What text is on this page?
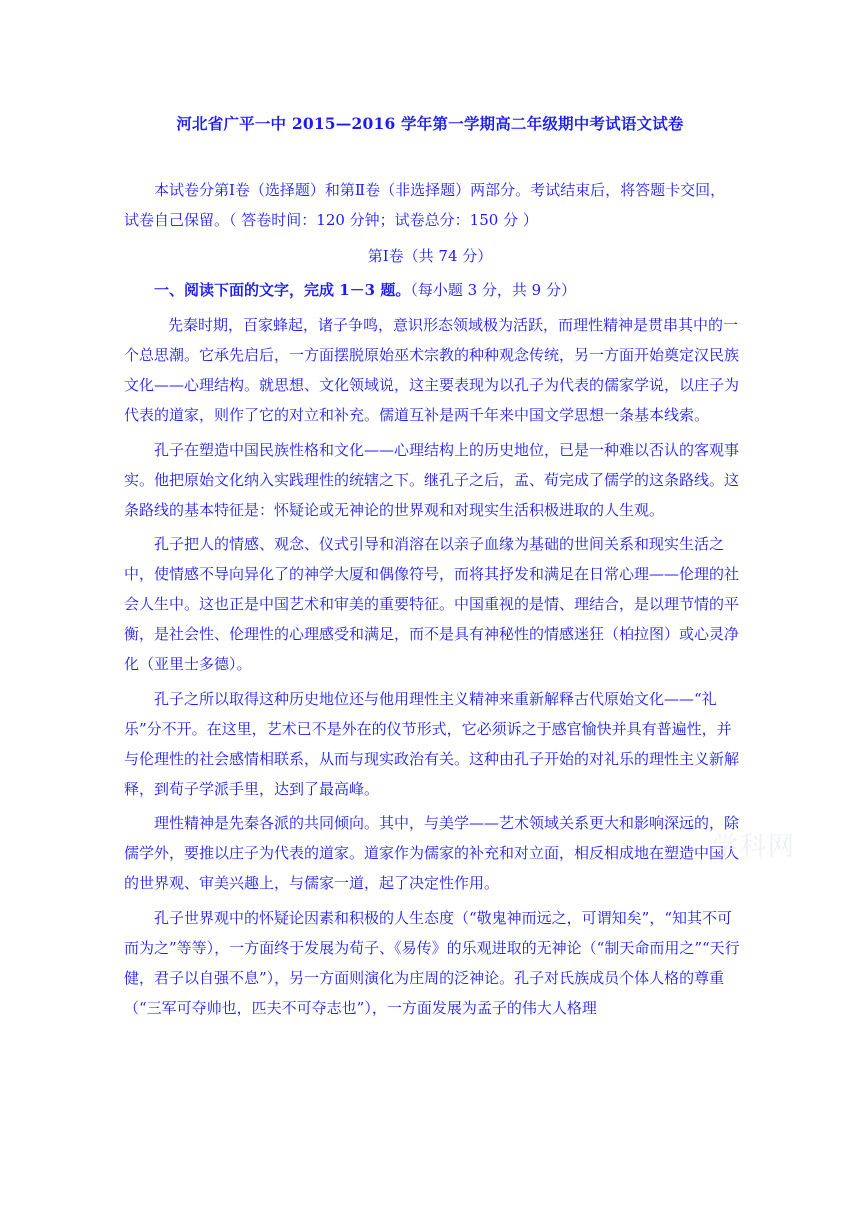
河北省广平一中 2015—2016 学年第一学期高二年级期中考试语文试卷

本试卷分第Ⅰ卷（选择题）和第Ⅱ卷（非选择题）两部分。考试结束后，将答题卡交回，试卷自己保留。（ 答卷时间：120 分钟；试卷总分：150 分 ）

第Ⅰ卷（共 74 分）
一、阅读下面的文字，完成 1－3 题。（每小题 3 分，共 9 分）

先秦时期，百家蜂起，诸子争鸣，意识形态领域极为活跃，而理性精神是贯串其中的一个总思潮。它承先启后，一方面摆脱原始巫术宗教的种种观念传统，另一方面开始奠定汉民族文化——心理结构。就思想、文化领域说，这主要表现为以孔子为代表的儒家学说，以庄子为代表的道家，则作了它的对立和补充。儒道互补是两千年来中国文学思想一条基本线索。

孔子在塑造中国民族性格和文化——心理结构上的历史地位，已是一种难以否认的客观事实。他把原始文化纳入实践理性的统辖之下。继孔子之后，孟、荀完成了儒学的这条路线。这条路线的基本特征是：怀疑论或无神论的世界观和对现实生活积极进取的人生观。

孔子把人的情感、观念、仪式引导和消溶在以亲子血缘为基础的世间关系和现实生活之中，使情感不导向异化了的神学大厦和偶像符号，而将其抒发和满足在日常心理——伦理的社会人生中。这也正是中国艺术和审美的重要特征。中国重视的是情、理结合，是以理节情的平衡，是社会性、伦理性的心理感受和满足，而不是具有神秘性的情感迷狂（柏拉图）或心灵净化（亚里士多德）。

孔子之所以取得这种历史地位还与他用理性主义精神来重新解释古代原始文化——“礼乐”分不开。在这里，艺术已不是外在的仪节形式，它必须诉之于感官愉快并具有普遍性，并与伦理性的社会感情相联系，从而与现实政治有关。这种由孔子开始的对礼乐的理性主义新解释，到荀子学派手里，达到了最高峰。

理性精神是先秦各派的共同倾向。其中，与美学——艺术领域关系更大和影响深远的，除儒学外，要推以庄子为代表的道家。道家作为儒家的补充和对立面，相反相成地在塑造中国人的世界观、审美兴趣上，与儒家一道，起了决定性作用。

孔子世界观中的怀疑论因素和积极的人生态度（“敬鬼神而远之，可谓知矣”，“知其不可而为之”等等），一方面终于发展为荀子、《易传》的乐观进取的无神论（“制天命而用之”“天行健，君子以自强不息”），另一方面则演化为庄周的泛神论。孔子对氏族成员个体人格的尊重（“三军可夺帅也，匹夫不可夺志也”），一方面发展为孟子的伟大人格理

学科网
